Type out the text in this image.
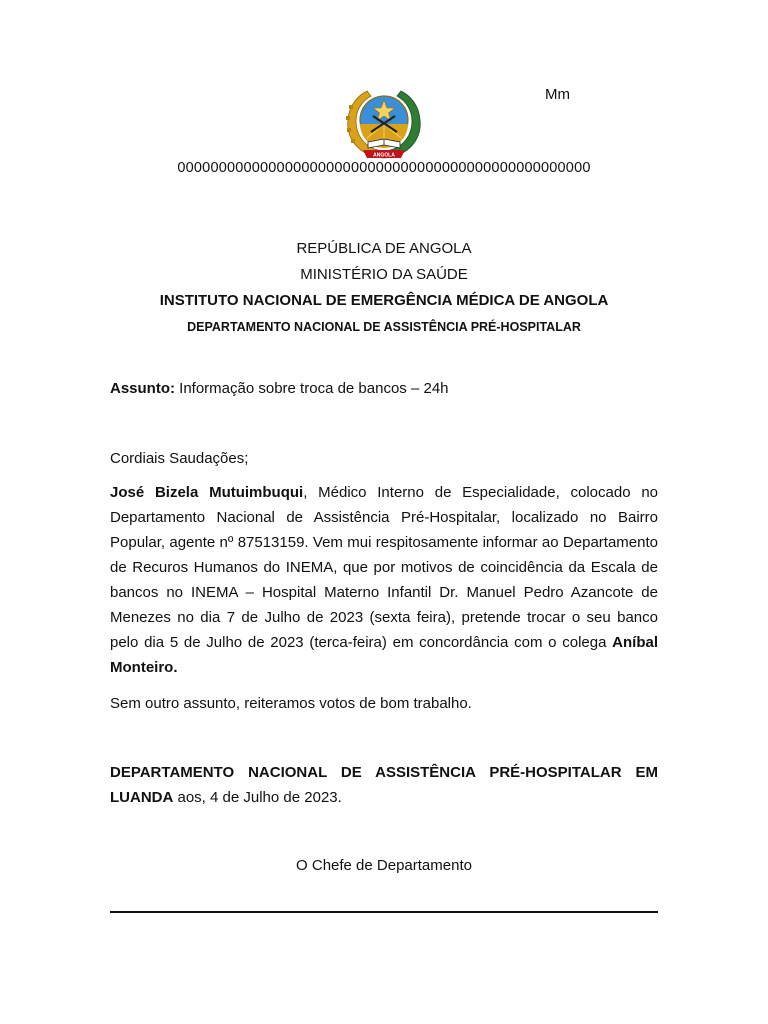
ANGOLA
Mm
00000000000000000000000000000000000000000000000000
REPÚBLICA DE ANGOLA
MINISTÉRIO DA SAÚDE
INSTITUTO NACIONAL DE EMERGÊNCIA MÉDICA DE ANGOLA
DEPARTAMENTO NACIONAL DE ASSISTÊNCIA PRÉ-HOSPITALAR
Assunto: Informação sobre troca de bancos – 24h
Cordiais Saudações;
José Bizela Mutuimbuqui, Médico Interno de Especialidade, colocado no Departamento Nacional de Assistência Pré-Hospitalar, localizado no Bairro Popular, agente nº 87513159. Vem mui respitosamente informar ao Departamento de Recuros Humanos do INEMA, que por motivos de coincidência da Escala de bancos no INEMA – Hospital Materno Infantil Dr. Manuel Pedro Azancote de Menezes no dia 7 de Julho de 2023 (sexta feira), pretende trocar o seu banco pelo dia 5 de Julho de 2023 (terca-feira) em concordância com o colega Aníbal Monteiro.
Sem outro assunto, reiteramos votos de bom trabalho.
DEPARTAMENTO NACIONAL DE ASSISTÊNCIA PRÉ-HOSPITALAR EM LUANDA aos, 4 de Julho de 2023.
O Chefe de Departamento
